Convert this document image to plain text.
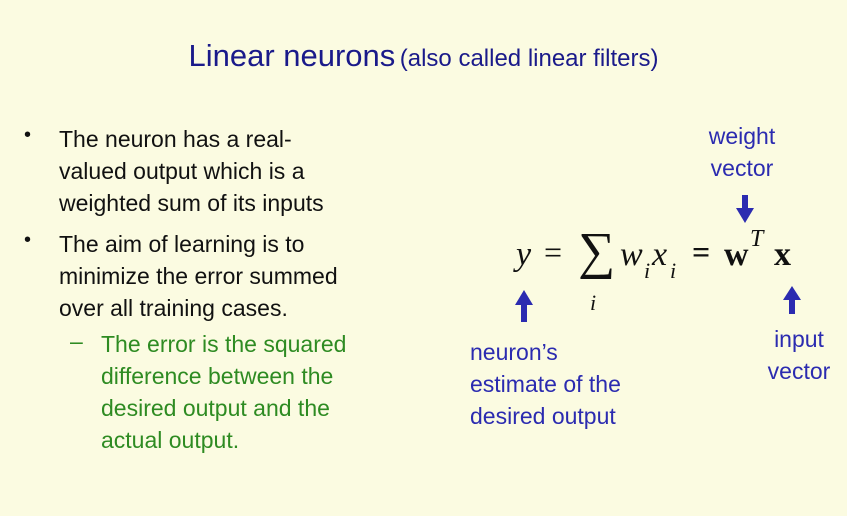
Linear neurons (also called linear filters)
• The neuron has a real-
valued output which is a
weighted sum of its inputs
• The aim of learning is to
minimize the error summed
over all training cases.
– The error is the squared
difference between the
desired output and the
actual output.
weight
vector
y = ∑
i
w i x i
= w T x
input
vector
neuron’s
estimate of the
desired output
